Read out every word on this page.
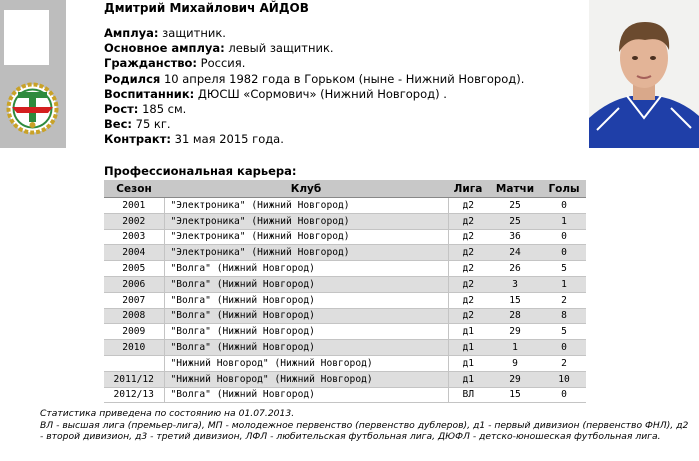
Дмитрий Михайлович АЙДОВ
Амплуа: защитник.
Основное амплуа: левый защитник.
Гражданство: Россия.
Родился 10 апреля 1982 года в Горьком (ныне - Нижний Новгород).
Воспитанник: ДЮСШ «Сормович» (Нижний Новгород) .
Рост: 185 см.
Вес: 75 кг.
Контракт: 31 мая 2015 года.
Профессиональная карьера:
Сезон	Клуб	Лига	Матчи	Голы
2001	"Электроника" (Нижний Новгород)	д2	25	0
2002	"Электроника" (Нижний Новгород)	д2	25	1
2003	"Электроника" (Нижний Новгород)	д2	36	0
2004	"Электроника" (Нижний Новгород)	д2	24	0
2005	"Волга" (Нижний Новгород)	д2	26	5
2006	"Волга" (Нижний Новгород)	д2	3	1
2007	"Волга" (Нижний Новгород)	д2	15	2
2008	"Волга" (Нижний Новгород)	д2	28	8
2009	"Волга" (Нижний Новгород)	д1	29	5
2010	"Волга" (Нижний Новгород)	д1	1	0
	"Нижний Новгород" (Нижний Новгород)	д1	9	2
2011/12	"Нижний Новгород" (Нижний Новгород)	д1	29	10
2012/13	"Волга" (Нижний Новгород)	ВЛ	15	0
Статистика приведена по состоянию на 01.07.2013.
ВЛ - высшая лига (премьер-лига), МП - молодежное первенство (первенство дублеров), д1 - первый дивизион (первенство ФНЛ), д2 - второй дивизион, д3 - третий дивизион, ЛФЛ - любительская футбольная лига, ДЮФЛ - детско-юношеская футбольная лига.
